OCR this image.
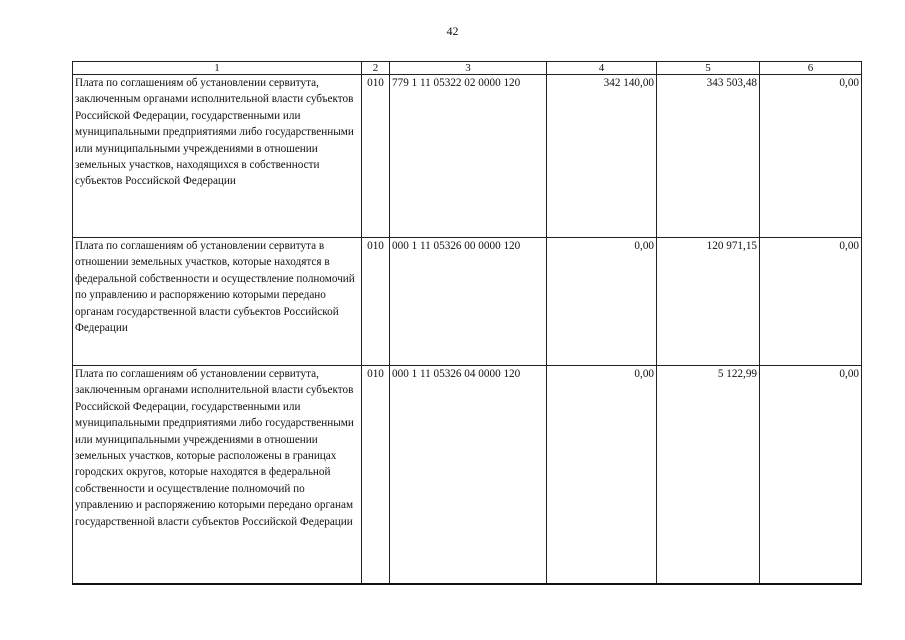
42
1	2	3	4	5	6
Плата по соглашениям об установлении сервитута, заключенным органами исполнительной власти субъектов Российской Федерации, государственными или муниципальными предприятиями либо государственными или муниципальными учреждениями в отношении земельных участков, находящихся в собственности субъектов Российской Федерации	010	779 1 11 05322 02 0000 120	342 140,00	343 503,48	0,00
Плата по соглашениям об установлении сервитута в отношении земельных участков, которые находятся в федеральной собственности и осуществление полномочий по управлению и распоряжению которыми передано органам государственной власти субъектов Российской Федерации	010	000 1 11 05326 00 0000 120	0,00	120 971,15	0,00
Плата по соглашениям об установлении сервитута, заключенным органами исполнительной власти субъектов Российской Федерации, государственными или муниципальными предприятиями либо государственными или муниципальными учреждениями в отношении земельных участков, которые расположены в границах городских округов, которые находятся в федеральной собственности и осуществление полномочий по управлению и распоряжению которыми передано органам государственной власти субъектов Российской Федерации	010	000 1 11 05326 04 0000 120	0,00	5 122,99	0,00
